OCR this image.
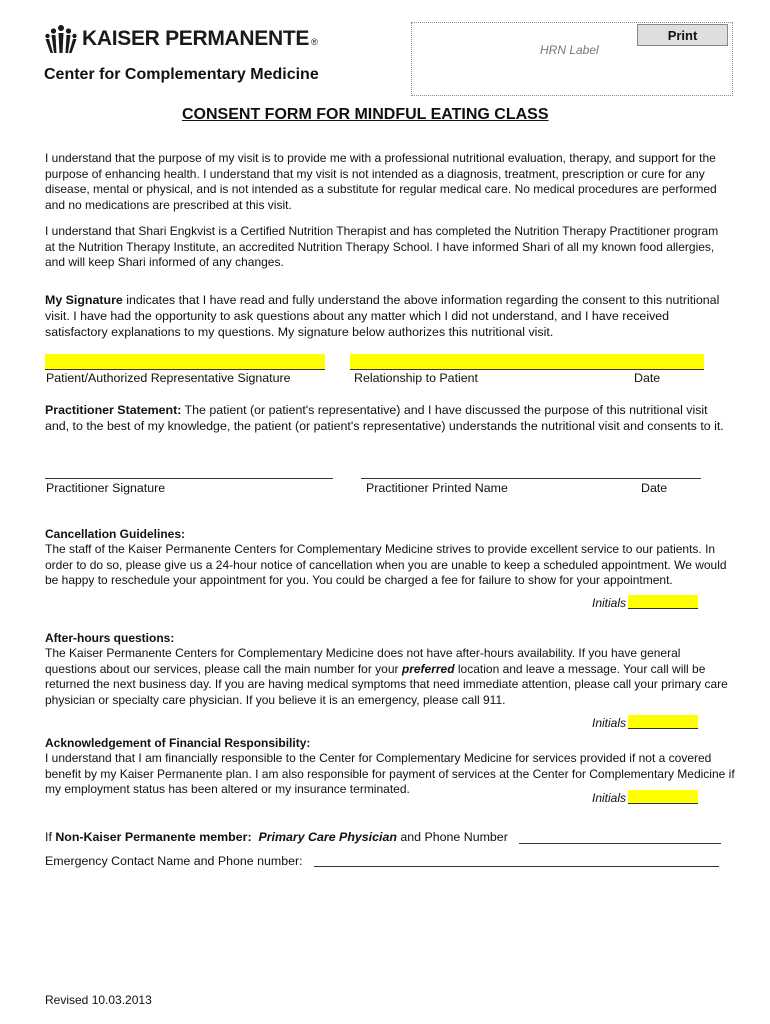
KAISER PERMANENTE ®
Center for Complementary Medicine
HRN Label
Print
CONSENT FORM FOR MINDFUL EATING CLASS
I understand that the purpose of my visit is to provide me with a professional nutritional evaluation, therapy, and support for the purpose of enhancing health. I understand that my visit is not intended as a diagnosis, treatment, prescription or cure for any disease, mental or physical, and is not intended as a substitute for regular medical care. No medical procedures are performed and no medications are prescribed at this visit.
I understand that Shari Engkvist is a Certified Nutrition Therapist and has completed the Nutrition Therapy Practitioner program at the Nutrition Therapy Institute, an accredited Nutrition Therapy School. I have informed Shari of all my known food allergies, and will keep Shari informed of any changes.
My Signature indicates that I have read and fully understand the above information regarding the consent to this nutritional visit. I have had the opportunity to ask questions about any matter which I did not understand, and I have received satisfactory explanations to my questions. My signature below authorizes this nutritional visit.
Patient/Authorized Representative Signature	Relationship to Patient	Date
Practitioner Statement: The patient (or patient's representative) and I have discussed the purpose of this nutritional visit and, to the best of my knowledge, the patient (or patient's representative) understands the nutritional visit and consents to it.
Practitioner Signature	Practitioner Printed Name	Date
Cancellation Guidelines:
The staff of the Kaiser Permanente Centers for Complementary Medicine strives to provide excellent service to our patients. In order to do so, please give us a 24-hour notice of cancellation when you are unable to keep a scheduled appointment. We would be happy to reschedule your appointment for you. You could be charged a fee for failure to show for your appointment.
Initials
After-hours questions:
The Kaiser Permanente Centers for Complementary Medicine does not have after-hours availability. If you have general questions about our services, please call the main number for your preferred location and leave a message. Your call will be returned the next business day. If you are having medical symptoms that need immediate attention, please call your primary care physician or specialty care physician. If you believe it is an emergency, please call 911.
Initials
Acknowledgement of Financial Responsibility:
I understand that I am financially responsible to the Center for Complementary Medicine for services provided if not a covered benefit by my Kaiser Permanente plan. I am also responsible for payment of services at the Center for Complementary Medicine if my employment status has been altered or my insurance terminated.
Initials
If Non-Kaiser Permanente member: Primary Care Physician and Phone Number
Emergency Contact Name and Phone number:
Revised 10.03.2013
